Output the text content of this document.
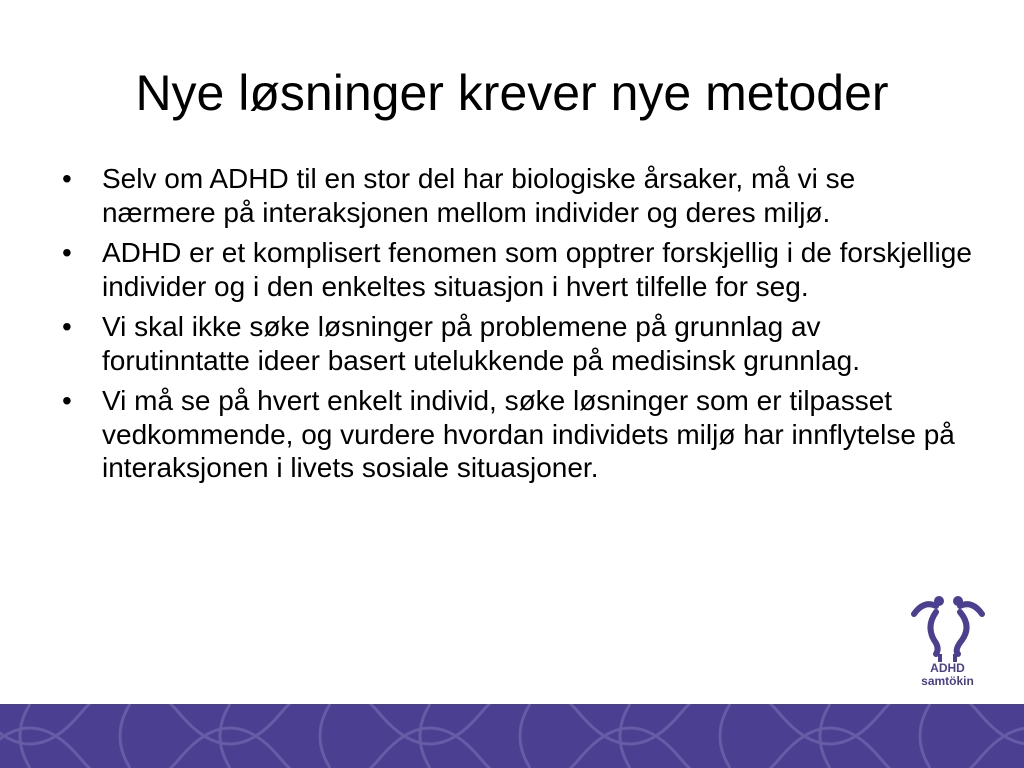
Nye løsninger krever nye metoder
•	Selv om ADHD til en stor del har biologiske årsaker, må vi se nærmere på interaksjonen mellom individer og deres miljø.
•	ADHD er et komplisert fenomen som opptrer forskjellig i de forskjellige individer og i den enkeltes situasjon i hvert tilfelle for seg.
•	Vi skal ikke søke løsninger på problemene på grunnlag av forutinntatte ideer basert utelukkende på medisinsk grunnlag.
•	Vi må se på hvert enkelt individ, søke løsninger som er tilpasset vedkommende, og vurdere hvordan individets miljø har innflytelse på interaksjonen i livets sosiale situasjoner.
ADHD
samtökin
